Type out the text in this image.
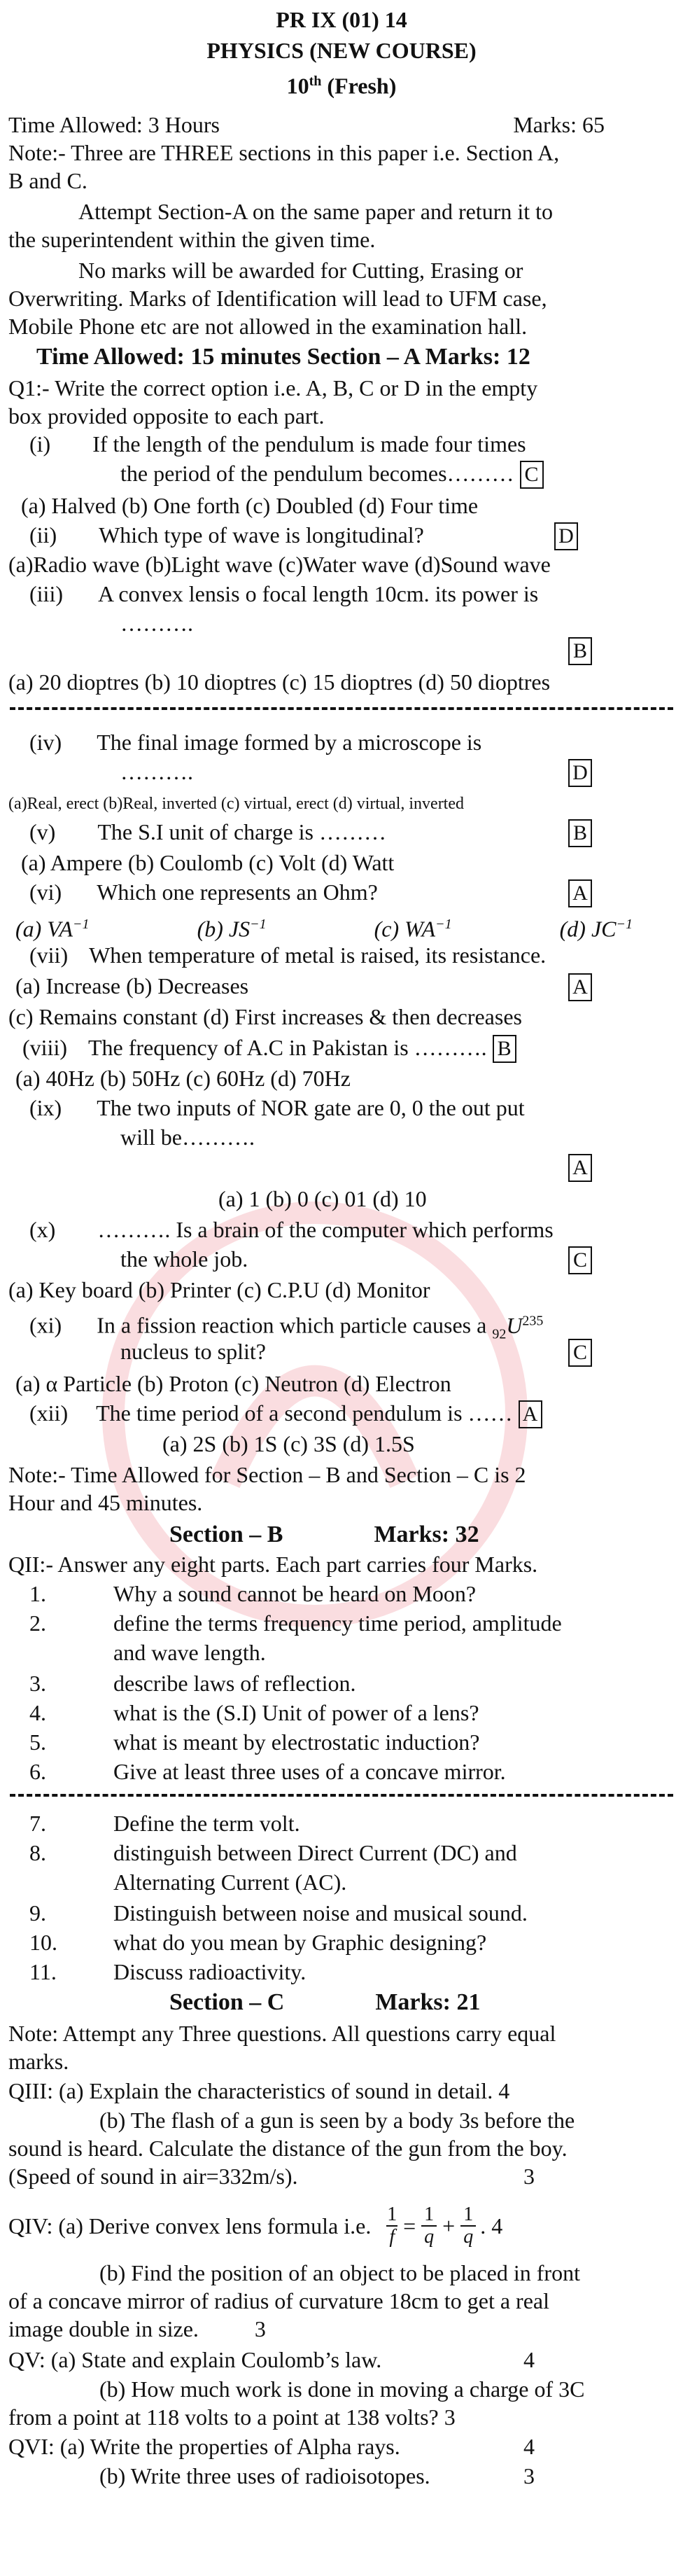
PR IX (01) 14
PHYSICS (NEW COURSE)
10th (Fresh)
Time Allowed: 3 Hours	Marks: 65
Note:- Three are THREE sections in this paper i.e. Section A,
B and C.
Attempt Section-A on the same paper and return it to
the superintendent within the given time.
No marks will be awarded for Cutting, Erasing or
Overwriting. Marks of Identification will lead to UFM case,
Mobile Phone etc are not allowed in the examination hall.
Time Allowed: 15 minutes Section – A Marks: 12
Q1:- Write the correct option i.e. A, B, C or D in the empty
box provided opposite to each part.
(i) If the length of the pendulum is made four times
the period of the pendulum becomes……… C
(a) Halved (b) One forth (c) Doubled (d) Four time
(ii) Which type of wave is longitudinal?	D
(a)Radio wave (b)Light wave (c)Water wave (d)Sound wave
(iii) A convex lensis o focal length 10cm. its power is
……….
B
(a) 20 dioptres (b) 10 dioptres (c) 15 dioptres (d) 50 dioptres
(iv) The final image formed by a microscope is
……….	D
(a)Real, erect (b)Real, inverted (c) virtual, erect (d) virtual, inverted
(v) The S.I unit of charge is ………	B
(a) Ampere (b) Coulomb (c) Volt (d) Watt
(vi) Which one represents an Ohm?	A
(a) $VA^{-1}$	(b) $JS^{-1}$	(c) $WA^{-1}$	(d) $JC^{-1}$
(vii) When temperature of metal is raised, its resistance.
(a) Increase (b) Decreases	A
(c) Remains constant (d) First increases & then decreases
(viii) The frequency of A.C in Pakistan is ………. B
(a) 40Hz (b) 50Hz (c) 60Hz (d) 70Hz
(ix) The two inputs of NOR gate are 0, 0 the out put
will be……….
A
(a) 1 (b) 0 (c) 01 (d) 10
(x) ………. Is a brain of the computer which performs
the whole job.	C
(a) Key board (b) Printer (c) C.P.U (d) Monitor
(xi) In a fission reaction which particle causes a $_{92}U^{235}$
nucleus to split?	C
(a) α Particle (b) Proton (c) Neutron (d) Electron
(xii) The time period of a second pendulum is …… A
(a) 2S (b) 1S (c) 3S (d) 1.5S
Note:- Time Allowed for Section – B and Section – C is 2
Hour and 45 minutes.
Section – B	Marks: 32
QII:- Answer any eight parts. Each part carries four Marks.
1.	Why a sound cannot be heard on Moon?
2.	define the terms frequency time period, amplitude
and wave length.
3.	describe laws of reflection.
4.	what is the (S.I) Unit of power of a lens?
5.	what is meant by electrostatic induction?
6.	Give at least three uses of a concave mirror.
7.	Define the term volt.
8.	distinguish between Direct Current (DC) and
Alternating Current (AC).
9.	Distinguish between noise and musical sound.
10.	what do you mean by Graphic designing?
11.	Discuss radioactivity.
Section – C	Marks: 21
Note: Attempt any Three questions. All questions carry equal
marks.
QIII: (a) Explain the characteristics of sound in detail. 4
(b) The flash of a gun is seen by a body 3s before the
sound is heard. Calculate the distance of the gun from the boy.
(Speed of sound in air=332m/s).	3
QIV: (a) Derive convex lens formula i.e. $\frac{1}{f} = \frac{1}{q} + \frac{1}{q}$ . 4
(b) Find the position of an object to be placed in front
of a concave mirror of radius of curvature 18cm to get a real
image double in size.	3
QV: (a) State and explain Coulomb’s law.	4
(b) How much work is done in moving a charge of 3C
from a point at 118 volts to a point at 138 volts? 3
QVI: (a) Write the properties of Alpha rays.	4
(b) Write three uses of radioisotopes.	3
